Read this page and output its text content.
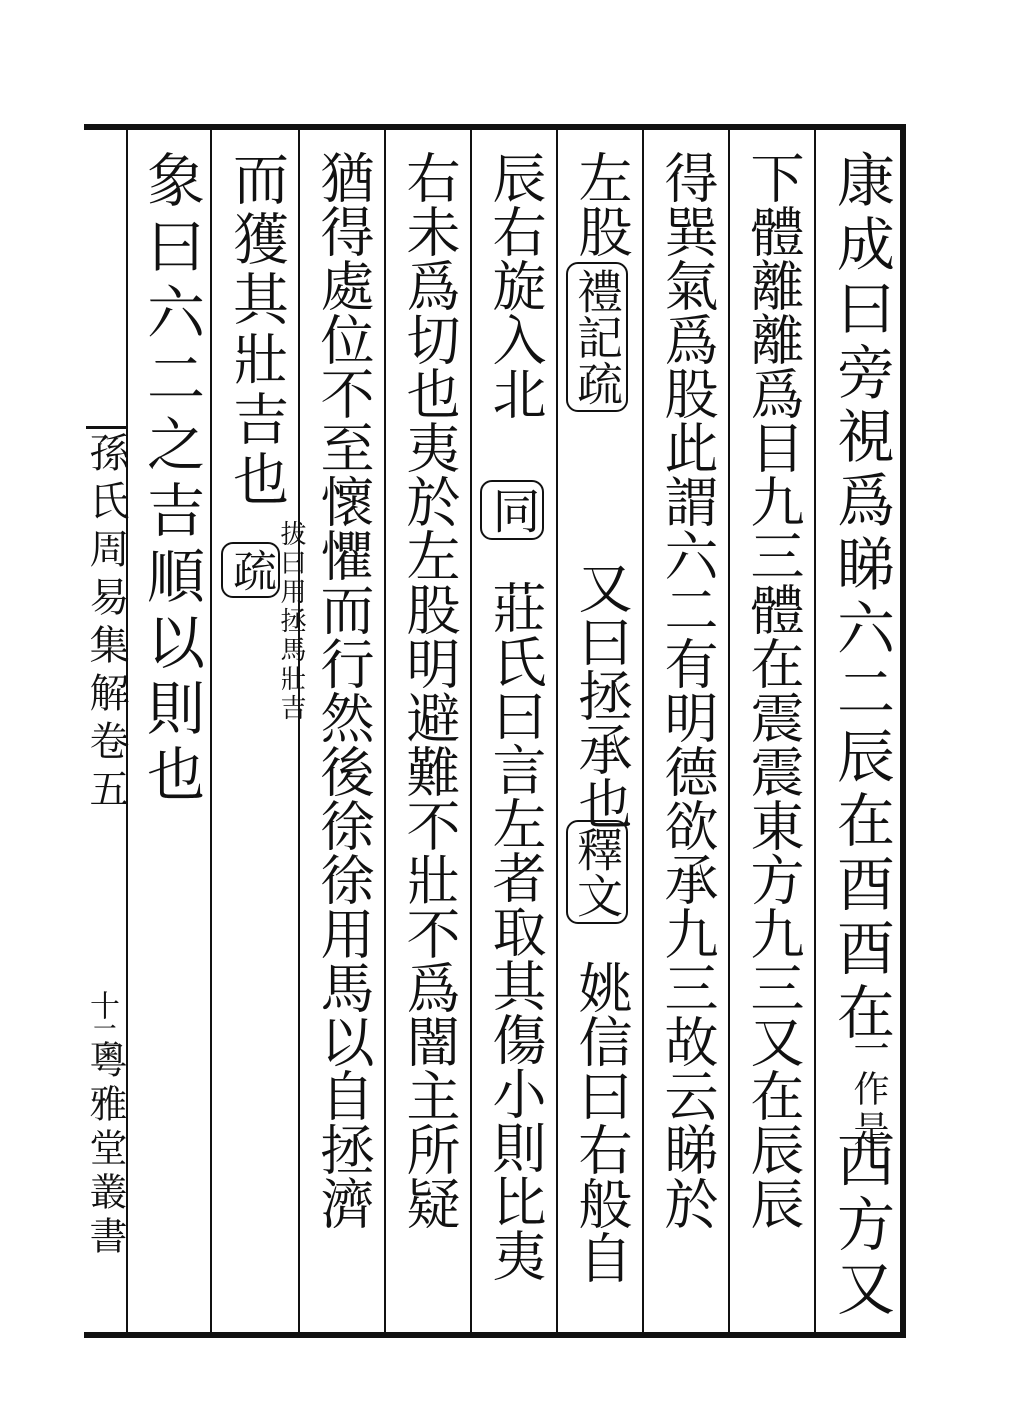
孫氏周易集解卷五
十二
粵雅堂叢書
康成曰旁視爲睇六二辰在酉酉在
一作是
西方又
下體離離爲目九三體在震震東方九三又在辰辰
得巽氣爲股此謂六二有明德欲承九三故云睇於
左股
禮記疏
又曰拯承也
釋文
姚信曰右般自
辰右旋入北
同
莊氏曰言左者取其傷小則比夷
右未爲切也夷於左股明避難不壯不爲闇主所疑
猶得處位不至懷懼而行然後徐徐用馬以自拯濟
而獲其壯吉也
疏 拔曰用拯馬壯吉
象曰六二之吉順以則也
